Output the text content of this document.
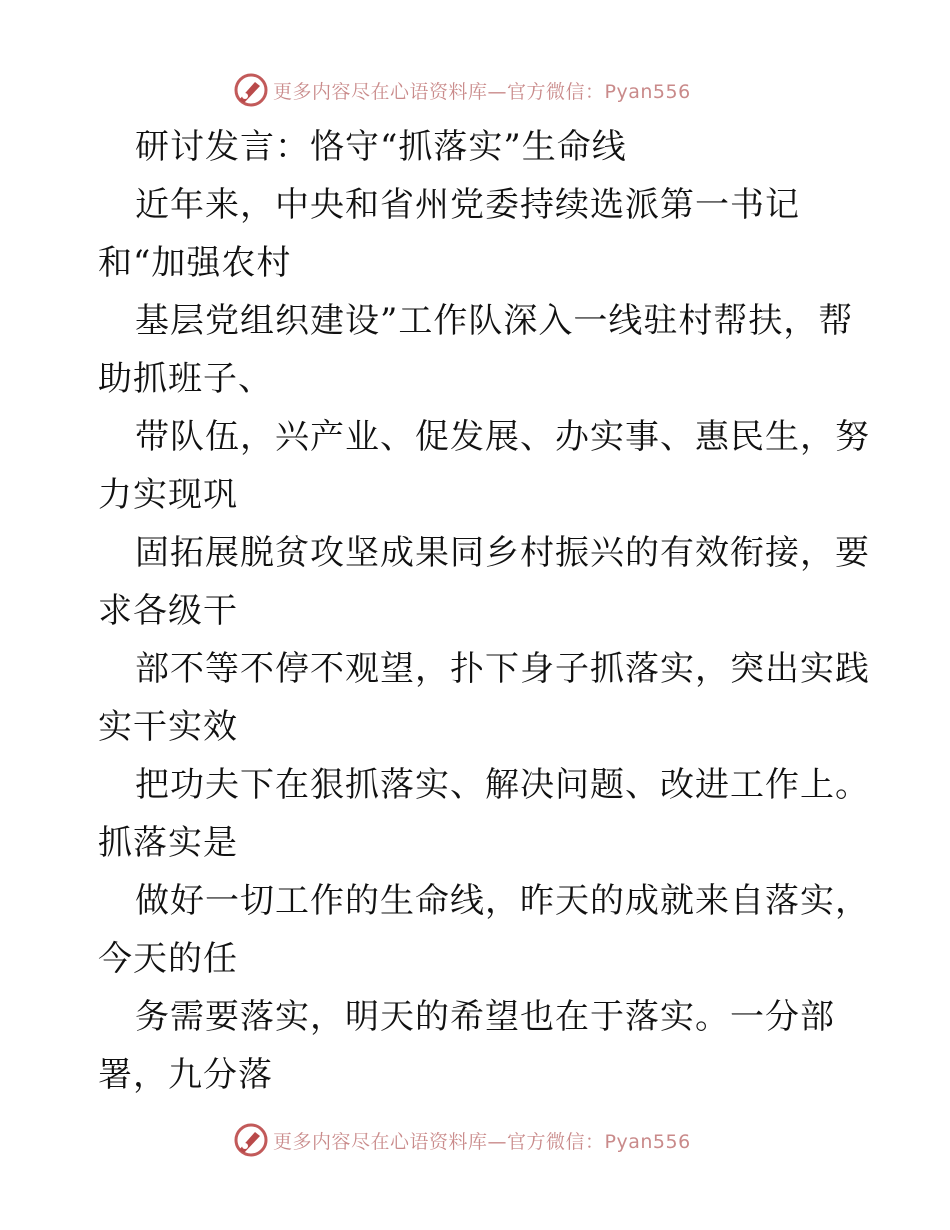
更多内容尽在心语资料库—官方微信：Pyan556
研讨发言：恪守“抓落实”生命线
近年来，中央和省州党委持续选派第一书记
和“加强农村
基层党组织建设”工作队深入一线驻村帮扶，帮
助抓班子、
带队伍，兴产业、促发展、办实事、惠民生，努
力实现巩
固拓展脱贫攻坚成果同乡村振兴的有效衔接，要
求各级干
部不等不停不观望，扑下身子抓落实，突出实践
实干实效
把功夫下在狠抓落实、解决问题、改进工作上。
抓落实是
做好一切工作的生命线，昨天的成就来自落实，
今天的任
务需要落实，明天的希望也在于落实。一分部
署，九分落
更多内容尽在心语资料库—官方微信：Pyan556
